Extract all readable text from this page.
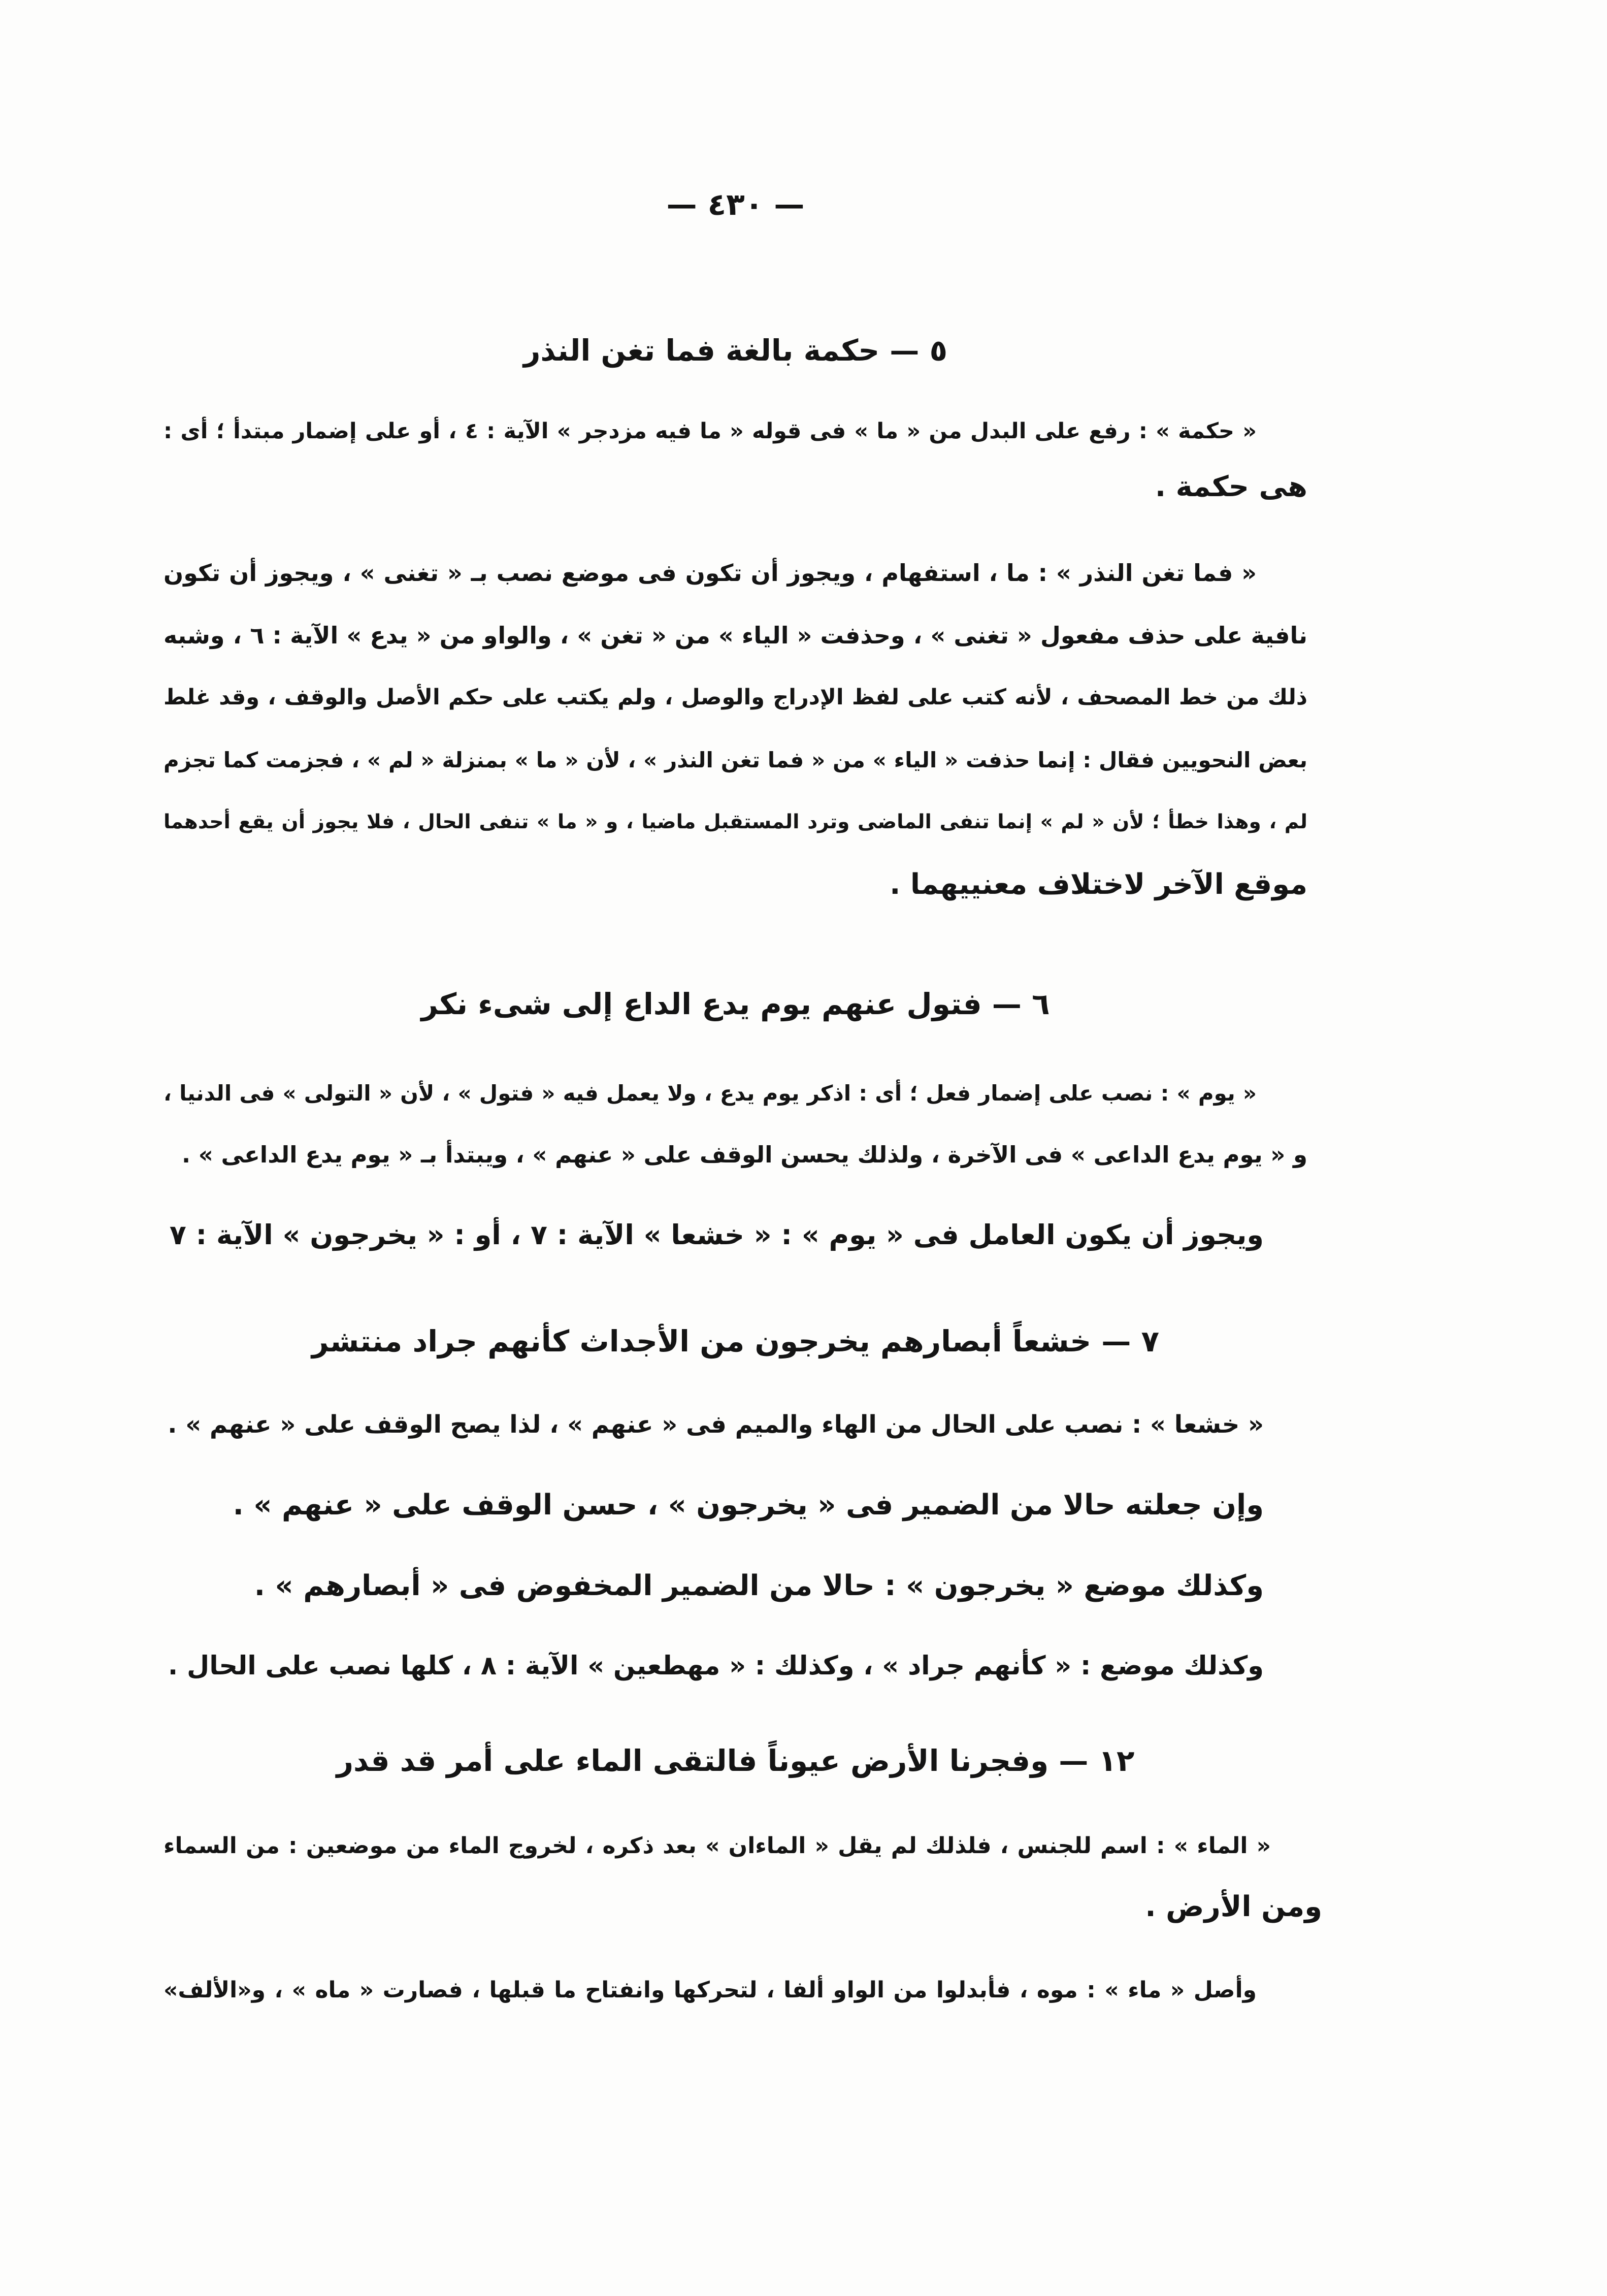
— ٤٣٠ —
٥ — حكمة بالغة فما تغن النذر
« حكمة » : رفع على البدل من « ما » فى قوله « ما فيه مزدجر » الآية : ٤ ، أو على إضمار مبتدأ ؛ أى :
هى حكمة .
« فما تغن النذر » : ما ، استفهام ، ويجوز أن تكون فى موضع نصب بـ « تغنى » ، ويجوز أن تكون
نافية على حذف مفعول « تغنى » ، وحذفت « الياء » من « تغن » ، والواو من « يدع » الآية : ٦ ، وشبه
ذلك من خط المصحف ، لأنه كتب على لفظ الإدراج والوصل ، ولم يكتب على حكم الأصل والوقف ، وقد غلط
بعض النحويين فقال : إنما حذفت « الياء » من « فما تغن النذر » ، لأن « ما » بمنزلة « لم » ، فجزمت كما تجزم
لم ، وهذا خطأ ؛ لأن « لم » إنما تنفى الماضى وترد المستقبل ماضيا ، و « ما » تنفى الحال ، فلا يجوز أن يقع أحدهما
موقع الآخر لاختلاف معنييهما .
٦ — فتول عنهم يوم يدع الداع إلى شىء نكر
« يوم » : نصب على إضمار فعل ؛ أى : اذكر يوم يدع ، ولا يعمل فيه « فتول » ، لأن « التولى » فى الدنيا ،
و « يوم يدع الداعى » فى الآخرة ، ولذلك يحسن الوقف على « عنهم » ، ويبتدأ بـ « يوم يدع الداعى » .
ويجوز أن يكون العامل فى « يوم » : « خشعا » الآية : ٧ ، أو : « يخرجون » الآية : ٧
٧ — خشعاً أبصارهم يخرجون من الأجداث كأنهم جراد منتشر
« خشعا » : نصب على الحال من الهاء والميم فى « عنهم » ، لذا يصح الوقف على « عنهم » .
وإن جعلته حالا من الضمير فى « يخرجون » ، حسن الوقف على « عنهم » .
وكذلك موضع « يخرجون » : حالا من الضمير المخفوض فى « أبصارهم » .
وكذلك موضع : « كأنهم جراد » ، وكذلك : « مهطعين » الآية : ٨ ، كلها نصب على الحال .
١٢ — وفجرنا الأرض عيوناً فالتقى الماء على أمر قد قدر
« الماء » : اسم للجنس ، فلذلك لم يقل « الماءان » بعد ذكره ، لخروج الماء من موضعين : من السماء
ومن الأرض .
وأصل « ماء » : موه ، فأبدلوا من الواو ألفا ، لتحركها وانفتاح ما قبلها ، فصارت « ماه » ، و«الألف»
